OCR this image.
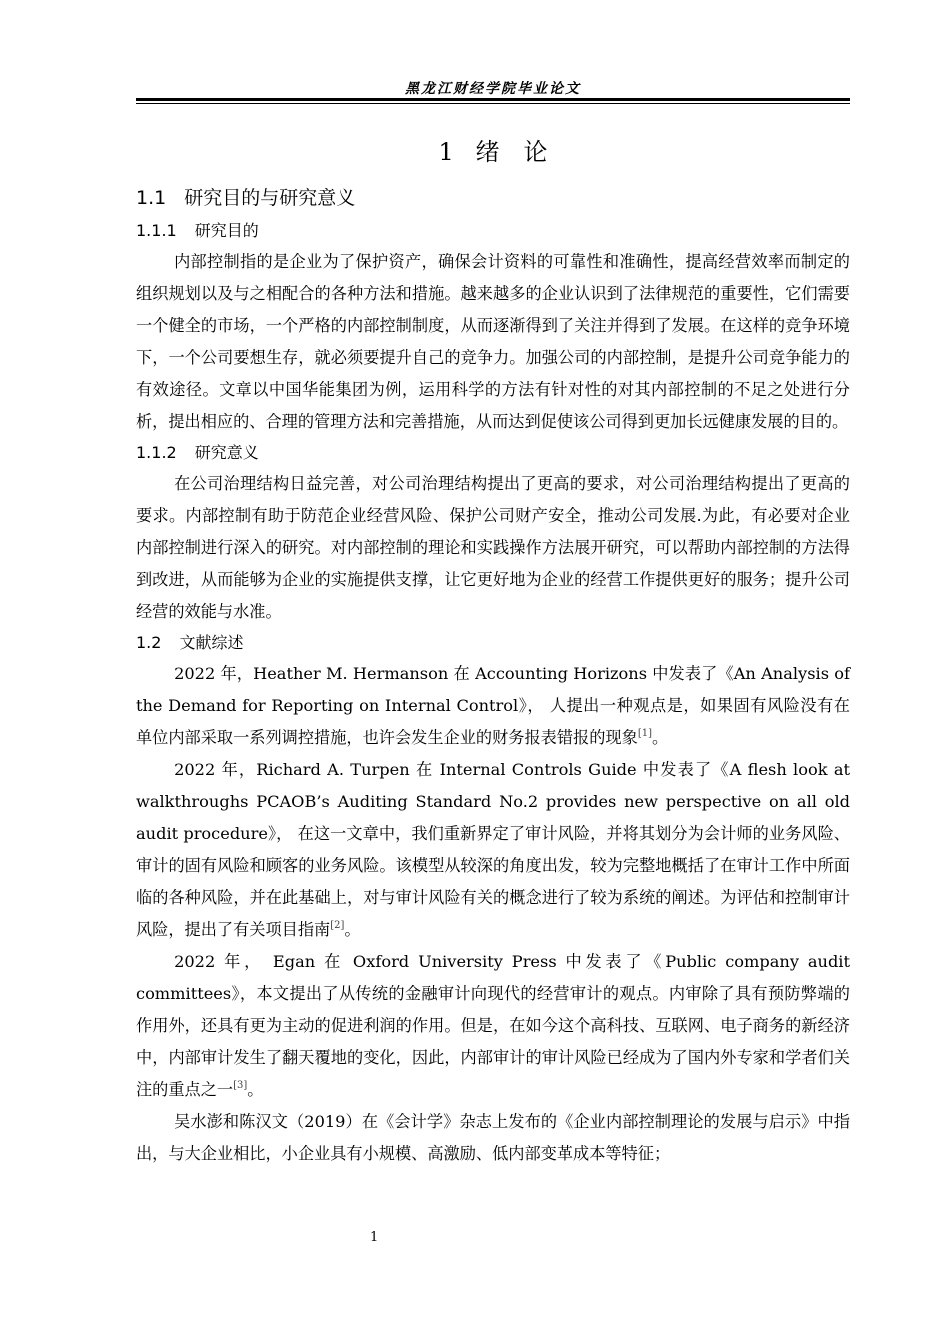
黑龙江财经学院毕业论文
1 绪　论
1.1 研究目的与研究意义
1.1.1 研究目的

内部控制指的是企业为了保护资产，确保会计资料的可靠性和准确性，提高经营效率而制定的组织规划以及与之相配合的各种方法和措施。越来越多的企业认识到了法律规范的重要性，它们需要一个健全的市场，一个严格的内部控制制度，从而逐渐得到了关注并得到了发展。在这样的竞争环境下，一个公司要想生存，就必须要提升自己的竞争力。加强公司的内部控制，是提升公司竞争能力的有效途径。文章以中国华能集团为例，运用科学的方法有针对性的对其内部控制的不足之处进行分析，提出相应的、合理的管理方法和完善措施，从而达到促使该公司得到更加长远健康发展的目的。

1.1.2 研究意义

在公司治理结构日益完善，对公司治理结构提出了更高的要求，对公司治理结构提出了更高的要求。内部控制有助于防范企业经营风险、保护公司财产安全，推动公司发展.为此，有必要对企业内部控制进行深入的研究。对内部控制的理论和实践操作方法展开研究，可以帮助内部控制的方法得到改进，从而能够为企业的实施提供支撑，让它更好地为企业的经营工作提供更好的服务；提升公司经营的效能与水准。

1.2 文献综述

2022 年，Heather M. Hermanson 在 Accounting Horizons 中发表了《An Analysis of the Demand for Reporting on Internal Control》， 人提出一种观点是，如果固有风险没有在单位内部采取一系列调控措施，也许会发生企业的财务报表错报的现象[1]。

2022 年，Richard A. Turpen 在 Internal Controls Guide 中发表了《A flesh look at walkthroughs PCAOB’s Auditing Standard No.2 provides new perspective on all old audit procedure》， 在这一文章中，我们重新界定了审计风险，并将其划分为会计师的业务风险、审计的固有风险和顾客的业务风险。该模型从较深的角度出发，较为完整地概括了在审计工作中所面临的各种风险，并在此基础上，对与审计风险有关的概念进行了较为系统的阐述。为评估和控制审计风险，提出了有关项目指南[2]。

2022 年， Egan 在 Oxford University Press 中发表了《Public company audit committees》，本文提出了从传统的金融审计向现代的经营审计的观点。内审除了具有预防弊端的作用外，还具有更为主动的促进利润的作用。但是，在如今这个高科技、互联网、电子商务的新经济中，内部审计发生了翻天覆地的变化，因此，内部审计的审计风险已经成为了国内外专家和学者们关注的重点之一[3]。

吴水澎和陈汉文（2019）在《会计学》杂志上发布的《企业内部控制理论的发展与启示》中指出，与大企业相比，小企业具有小规模、高激励、低内部变革成本等特征；

1
